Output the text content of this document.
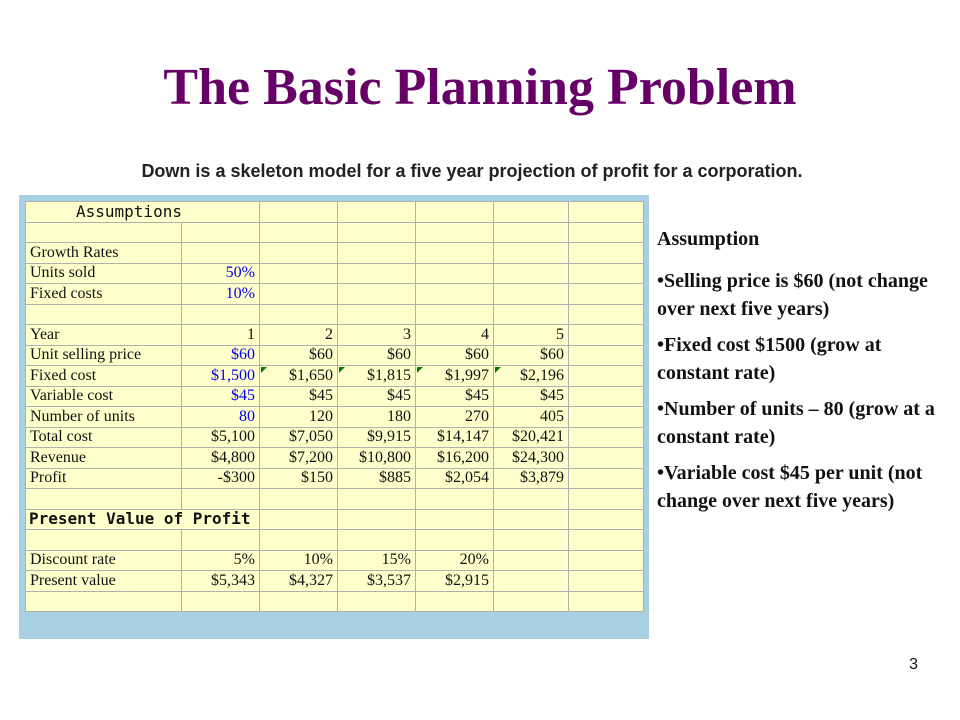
The Basic Planning Problem
Down is a skeleton model for a five year projection of profit for a corporation.
Assumptions						

Growth Rates						
Units sold	50%					
Fixed costs	10%					

Year	1	2	3	4	5	
Unit selling price	$60	$60	$60	$60	$60	
Fixed cost	$1,500	$1,650	$1,815	$1,997	$2,196	
Variable cost	$45	$45	$45	$45	$45	
Number of units	80	120	180	270	405	
Total cost	$5,100	$7,050	$9,915	$14,147	$20,421	
Revenue	$4,800	$7,200	$10,800	$16,200	$24,300	
Profit	-$300	$150	$885	$2,054	$3,879	

Present Value of Profit						

Discount rate	5%	10%	15%	20%		
Present value	$5,343	$4,327	$3,537	$2,915		

Assumption
•Selling price is $60 (not change over next five years)
•Fixed cost $1500 (grow at constant rate)
•Number of units – 80 (grow at a constant rate)
•Variable cost $45 per unit (not change over next five years)
3
